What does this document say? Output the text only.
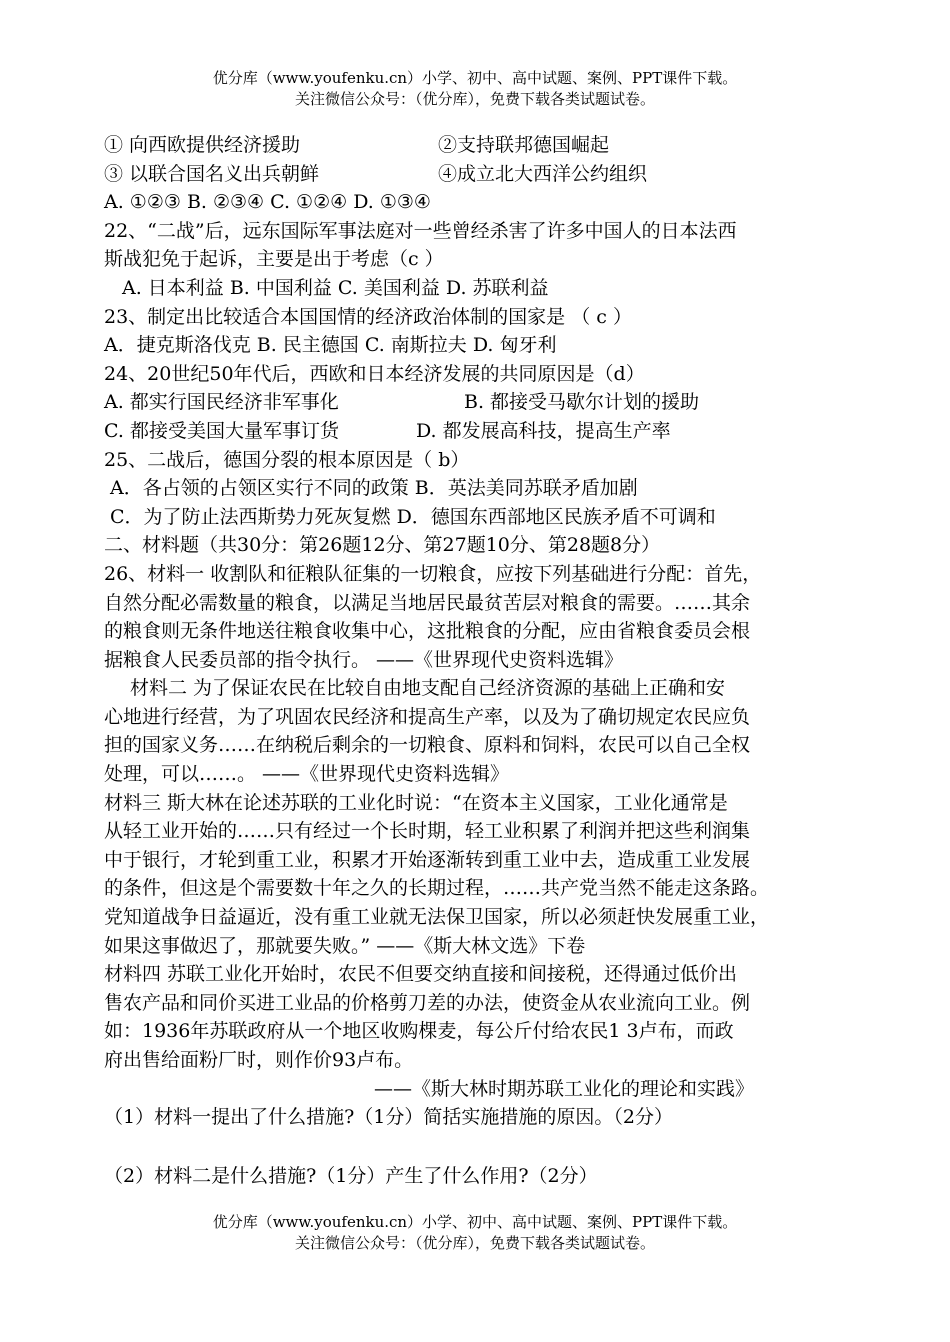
优分库（www.youfenku.cn）小学、初中、高中试题、案例、PPT课件下载。
关注微信公众号：（优分库），免费下载各类试题试卷。
① 向西欧提供经济援助	②支持联邦德国崛起
③ 以联合国名义出兵朝鲜	④成立北大西洋公约组织
A. ①②③ B. ②③④ C. ①②④ D. ①③④
22、“二战”后，远东国际军事法庭对一些曾经杀害了许多中国人的日本法西
斯战犯免于起诉，主要是出于考虑（c ）
A. 日本利益 B. 中国利益 C. 美国利益 D. 苏联利益
23、制定出比较适合本国国情的经济政治体制的国家是 （ c ）
A．捷克斯洛伐克 B. 民主德国 C. 南斯拉夫 D. 匈牙利
24、20世纪50年代后，西欧和日本经济发展的共同原因是（d）
A. 都实行国民经济非军事化	B. 都接受马歇尔计划的援助
C. 都接受美国大量军事订货	D. 都发展高科技，提高生产率
25、二战后，德国分裂的根本原因是（ b）
A．各占领的占领区实行不同的政策 B．英法美同苏联矛盾加剧
C．为了防止法西斯势力死灰复燃 D．德国东西部地区民族矛盾不可调和
二、材料题（共30分：第26题12分、第27题10分、第28题8分）
26、材料一 收割队和征粮队征集的一切粮食，应按下列基础进行分配：首先，
自然分配必需数量的粮食，以满足当地居民最贫苦层对粮食的需要。……其余
的粮食则无条件地送往粮食收集中心，这批粮食的分配，应由省粮食委员会根
据粮食人民委员部的指令执行。 ——《世界现代史资料选辑》
材料二 为了保证农民在比较自由地支配自己经济资源的基础上正确和安
心地进行经营，为了巩固农民经济和提高生产率，以及为了确切规定农民应负
担的国家义务……在纳税后剩余的一切粮食、原料和饲料，农民可以自己全权
处理，可以……。 ——《世界现代史资料选辑》
材料三 斯大林在论述苏联的工业化时说：“在资本主义国家，工业化通常是
从轻工业开始的……只有经过一个长时期，轻工业积累了利润并把这些利润集
中于银行，才轮到重工业，积累才开始逐渐转到重工业中去，造成重工业发展
的条件，但这是个需要数十年之久的长期过程，……共产党当然不能走这条路。
党知道战争日益逼近，没有重工业就无法保卫国家，所以必须赶快发展重工业，
如果这事做迟了，那就要失败。” ——《斯大林文选》下卷
材料四 苏联工业化开始时，农民不但要交纳直接和间接税，还得通过低价出
售农产品和同价买进工业品的价格剪刀差的办法，使资金从农业流向工业。例
如：1936年苏联政府从一个地区收购棵麦，每公斤付给农民1 3卢布，而政
府出售给面粉厂时，则作价93卢布。
——《斯大林时期苏联工业化的理论和实践》
（1）材料一提出了什么措施?（1分）简括实施措施的原因。（2分）
（2）材料二是什么措施?（1分）产生了什么作用?（2分）
优分库（www.youfenku.cn）小学、初中、高中试题、案例、PPT课件下载。
关注微信公众号：（优分库），免费下载各类试题试卷。
